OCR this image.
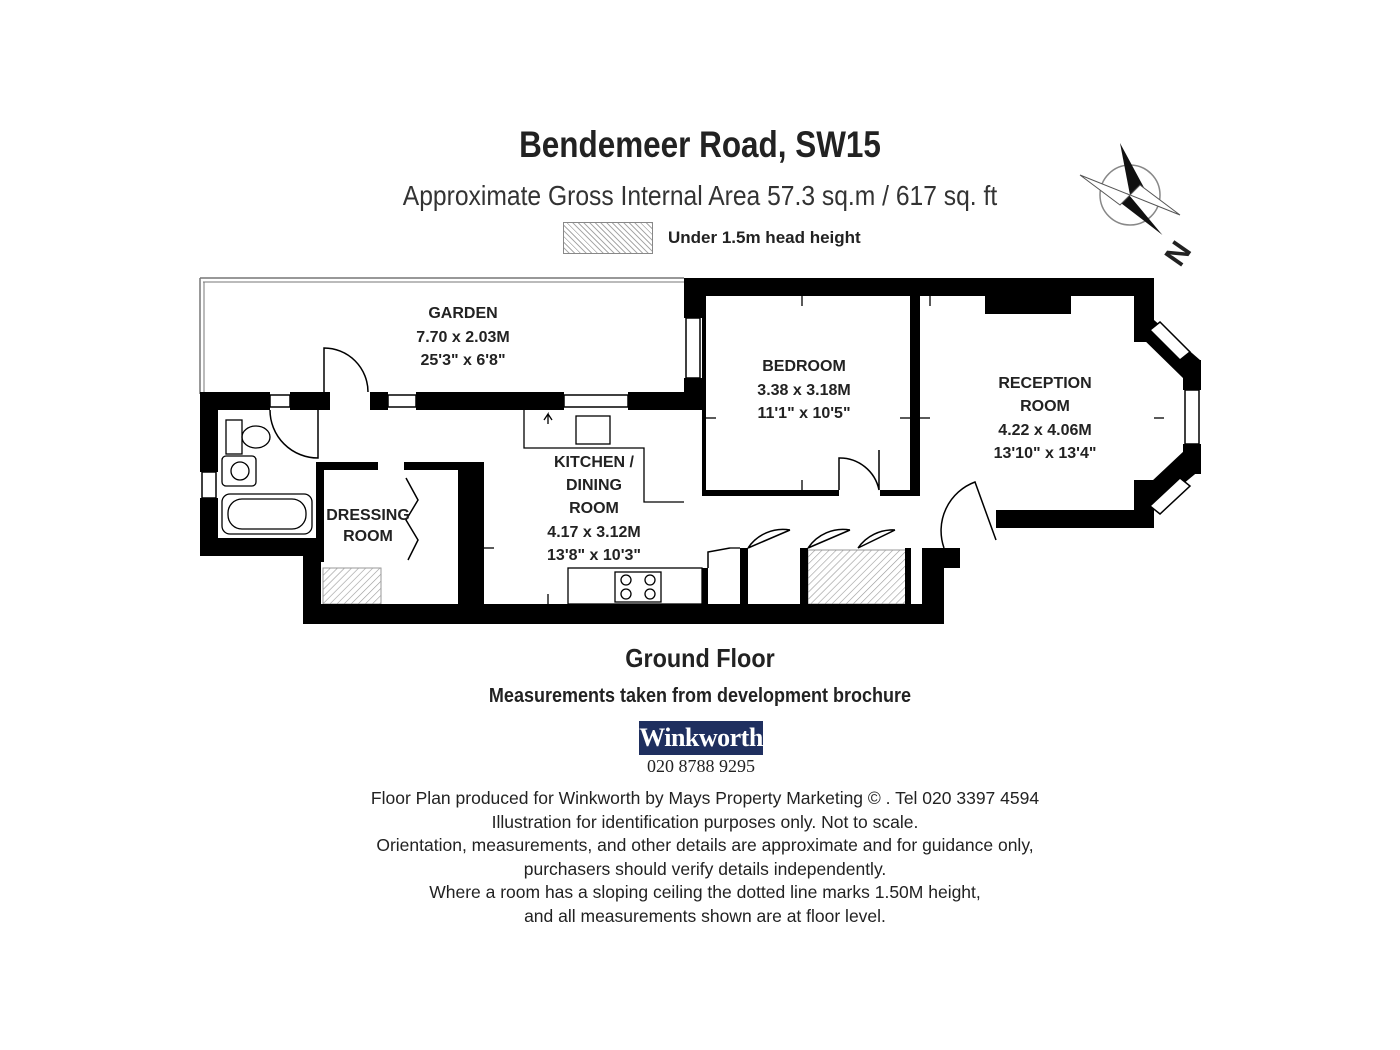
Bendemeer Road, SW15
Approximate Gross Internal Area 57.3 sq.m / 617 sq. ft
Under 1.5m head height	N
GARDEN
7.70 x 2.03M
25'3" x 6'8"	BEDROOM
3.38 x 3.18M
11'1" x 10'5"
RECEPTION
ROOM
4.22 x 4.06M
13'10" x 13'4"
KITCHEN /
DINING
ROOM
4.17 x 3.12M
13'8" x 10'3"
DRESSING
ROOM
Ground Floor
Measurements taken from development brochure
Winkworth
020 8788 9295
Floor Plan produced for Winkworth by Mays Property Marketing © . Tel 020 3397 4594
Illustration for identification purposes only. Not to scale.
Orientation, measurements, and other details are approximate and for guidance only,
purchasers should verify details independently.
Where a room has a sloping ceiling the dotted line marks 1.50M height,
and all measurements shown are at floor level.
